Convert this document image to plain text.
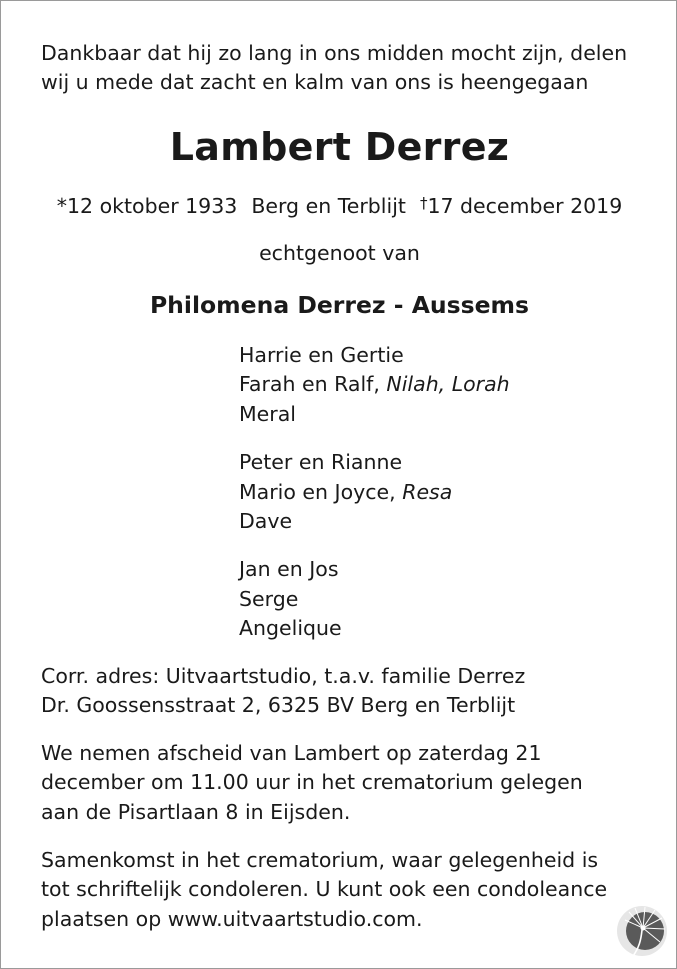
Dankbaar dat hij zo lang in ons midden mocht zijn, delen
wij u mede dat zacht en kalm van ons is heengegaan
Lambert Derrez
*12 oktober 1933 Berg en Terblijt †17 december 2019
echtgenoot van
Philomena Derrez - Aussems
Harrie en Gertie
Farah en Ralf, Nilah, Lorah
Meral
Peter en Rianne
Mario en Joyce, Resa
Dave
Jan en Jos
Serge
Angelique
Corr. adres: Uitvaartstudio, t.a.v. familie Derrez
Dr. Goossensstraat 2, 6325 BV Berg en Terblijt
We nemen afscheid van Lambert op zaterdag 21
december om 11.00 uur in het crematorium gelegen
aan de Pisartlaan 8 in Eijsden.
Samenkomst in het crematorium, waar gelegenheid is
tot schriftelijk condoleren. U kunt ook een condoleance
plaatsen op www.uitvaartstudio.com.
